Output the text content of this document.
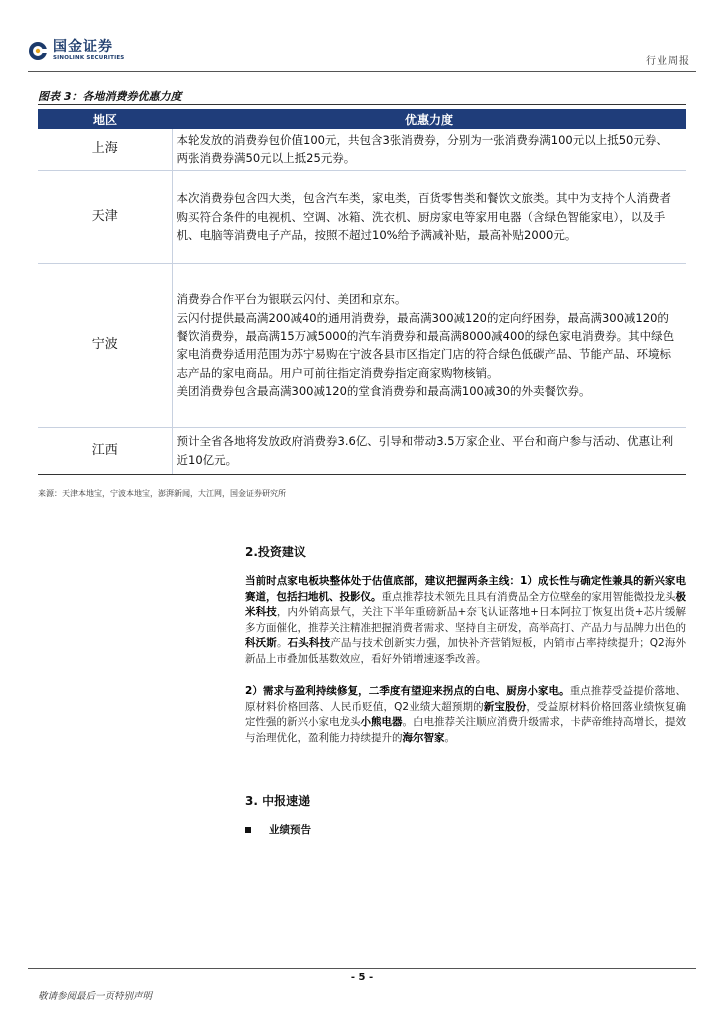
国金证券
SINOLINK SECURITIES	行业周报
图表 3：各地消费券优惠力度
地区	优惠力度
上海	本轮发放的消费券包价值100元，共包含3张消费券，分别为一张消费券满100元以上抵50元券、两张消费券满50元以上抵25元券。

天津	本次消费券包含四大类，包含汽车类，家电类，百货零售类和餐饮文旅类。其中为支持个人消费者购买符合条件的电视机、空调、冰箱、洗衣机、厨房家电等家用电器（含绿色智能家电），以及手机、电脑等消费电子产品，按照不超过10%给予满减补贴，最高补贴2000元。

宁波	消费券合作平台为银联云闪付、美团和京东。

云闪付提供最高满200减40的通用消费券，最高满300减120的定向纾困券，最高满300减120的餐饮消费券，最高满15万减5000的汽车消费券和最高满8000减400的绿色家电消费券。其中绿色家电消费券适用范围为苏宁易购在宁波各县市区指定门店的符合绿色低碳产品、节能产品、环境标志产品的家电商品。用户可前往指定消费券指定商家购物核销。

美团消费券包含最高满300减120的堂食消费券和最高满100减30的外卖餐饮券。

江西	预计全省各地将发放政府消费券3.6亿、引导和带动3.5万家企业、平台和商户参与活动、优惠让利近10亿元。

来源：天津本地宝，宁波本地宝，澎湃新闻，大江网，国金证券研究所
2.投资建议
当前时点家电板块整体处于估值底部，建议把握两条主线：1）成长性与确定性兼具的新兴家电赛道，包括扫地机、投影仪。重点推荐技术领先且具有消费品全方位壁垒的家用智能微投龙头极米科技，内外销高景气，关注下半年重磅新品+奈飞认证落地+日本阿拉丁恢复出货+芯片缓解多方面催化，推荐关注精准把握消费者需求、坚持自主研发，高举高打、产品力与品牌力出色的科沃斯。石头科技产品与技术创新实力强，加快补齐营销短板，内销市占率持续提升；Q2海外新品上市叠加低基数效应，看好外销增速逐季改善。
2）需求与盈利持续修复，二季度有望迎来拐点的白电、厨房小家电。重点推荐受益提价落地、原材料价格回落、人民币贬值，Q2业绩大超预期的新宝股份，受益原材料价格回落业绩恢复确定性强的新兴小家电龙头小熊电器。白电推荐关注顺应消费升级需求，卡萨帝维持高增长，提效与治理优化，盈利能力持续提升的海尔智家。
3. 中报速递
业绩预告
- 5 -
敬请参阅最后一页特别声明
